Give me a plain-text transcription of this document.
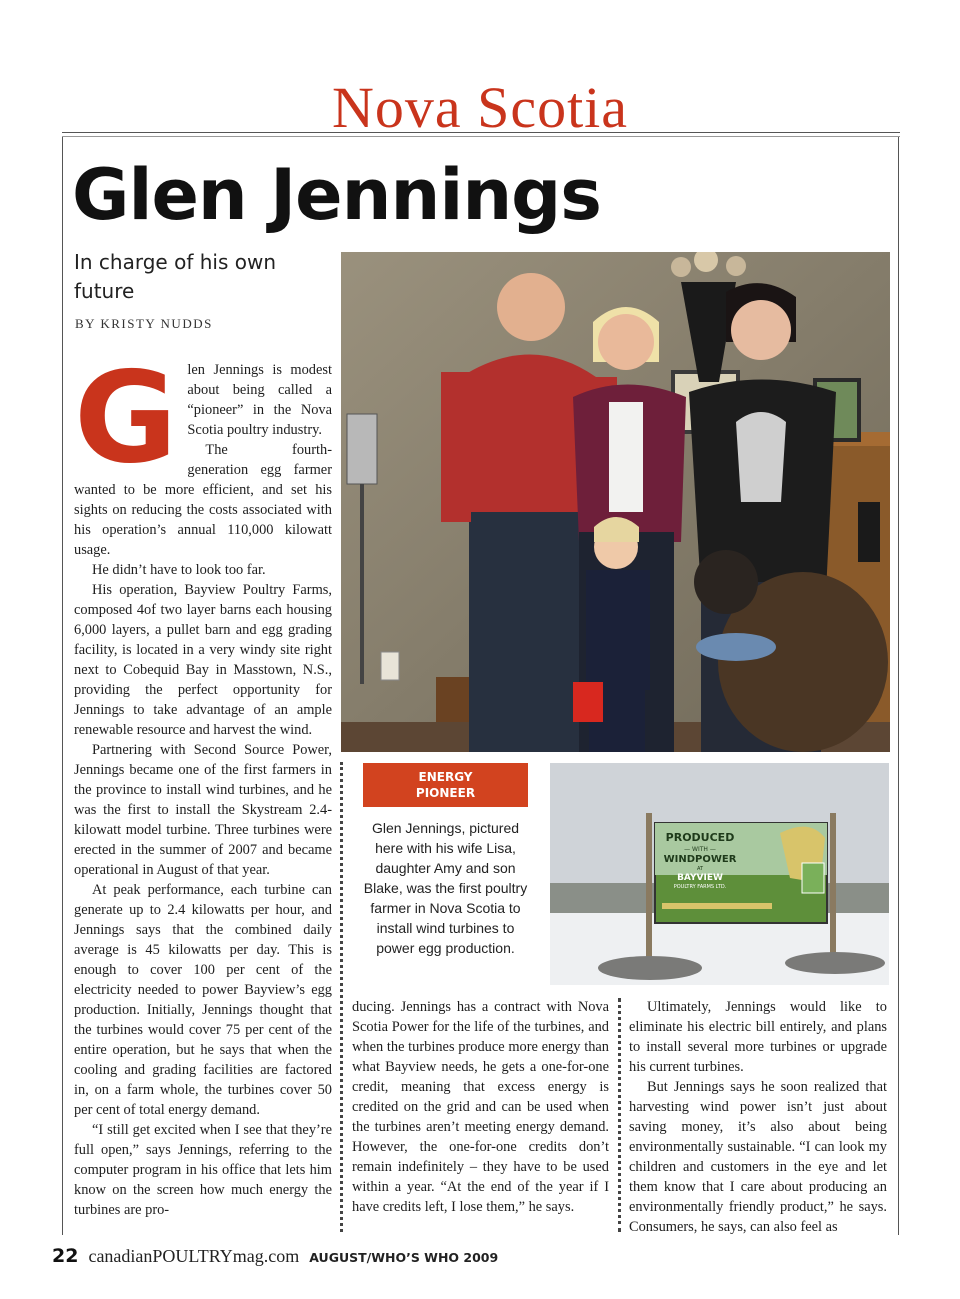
Nova Scotia
Glen Jennings
In charge of his own future
BY KRISTY NUDDS
G len Jennings is modest about being called a “pioneer” in the Nova Scotia poultry industry.

The fourth-generation egg farmer wanted to be more efficient, and set his sights on reducing the costs associated with his operation’s annual 110,000 kilowatt usage.

He didn’t have to look too far.

His operation, Bayview Poultry Farms, composed 4of two layer barns each housing 6,000 layers, a pullet barn and egg grading facility, is located in a very windy site right next to Cobequid Bay in Masstown, N.S., providing the perfect opportunity for Jennings to take advantage of an ample renewable resource and harvest the wind.

Partnering with Second Source Power, Jennings became one of the first farmers in the province to install wind turbines, and he was the first to install the Skystream 2.4-kilowatt model turbine. Three turbines were erected in the summer of 2007 and became operational in August of that year.

At peak performance, each turbine can generate up to 2.4 kilowatts per hour, and Jennings says that the combined daily average is 45 kilowatts per day. This is enough to cover 100 per cent of the electricity needed to power Bayview’s egg production. Initially, Jennings thought that the turbines would cover 75 per cent of the entire operation, but he says that when the cooling and grading facilities are factored in, on a farm whole, the turbines cover 50 per cent of total energy demand.

“I still get excited when I see that they’re full open,” says Jennings, referring to the computer program in his office that lets him know on the screen how much energy the turbines are pro-

ENERGY
PIONEER
Glen Jennings, pictured here with his wife Lisa, daughter Amy and son Blake, was the first poultry farmer in Nova Scotia to install wind turbines to power egg production.
PRODUCED
— WITH —
WINDPOWER
AT
BAYVIEW
POULTRY FARMS LTD.

ducing. Jennings has a contract with Nova Scotia Power for the life of the turbines, and when the turbines produce more energy than what Bayview needs, he gets a one-for-one credit, meaning that excess energy is credited on the grid and can be used when the turbines aren’t meeting energy demand. However, the one-for-one credits don’t remain indefinitely – they have to be used within a year. “At the end of the year if I have credits left, I lose them,” he says.

Ultimately, Jennings would like to eliminate his electric bill entirely, and plans to install several more turbines or upgrade his current turbines.

But Jennings says he soon realized that harvesting wind power isn’t just about saving money, it’s also about being environmentally sustainable. “I can look my children and customers in the eye and let them know that I care about producing an environmentally friendly product,” he says. Consumers, he says, can also feel as

22 canadianPOULTRYmag.com AUGUST/WHO’S WHO 2009
